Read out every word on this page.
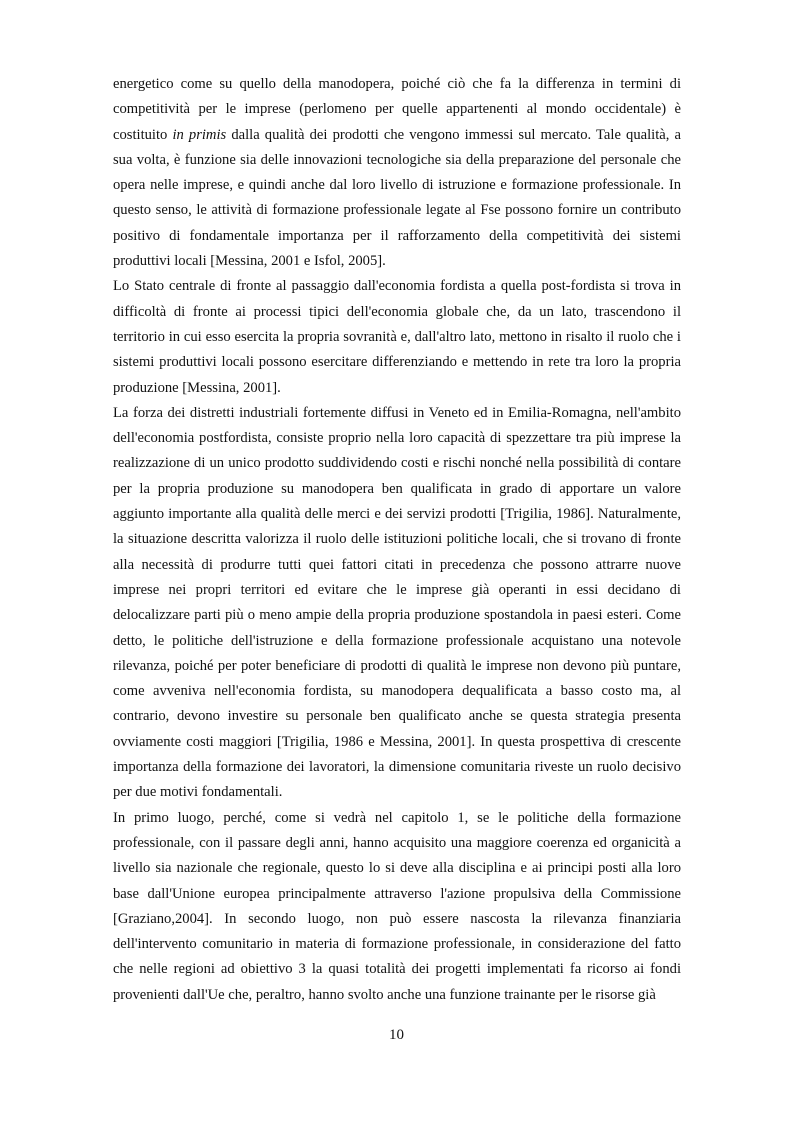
energetico come su quello della manodopera, poiché ciò che fa la differenza in termini di competitività per le imprese (perlomeno per quelle appartenenti al mondo occidentale) è costituito in primis dalla qualità dei prodotti che vengono immessi sul mercato. Tale qualità, a sua volta, è funzione sia delle innovazioni tecnologiche sia della preparazione del personale che opera nelle imprese, e quindi anche dal loro livello di istruzione e formazione professionale. In questo senso, le attività di formazione professionale legate al Fse possono fornire un contributo positivo di fondamentale importanza per il rafforzamento della competitività dei sistemi produttivi locali [Messina, 2001 e Isfol, 2005].

Lo Stato centrale di fronte al passaggio dall'economia fordista a quella post-fordista si trova in difficoltà di fronte ai processi tipici dell'economia globale che, da un lato, trascendono il territorio in cui esso esercita la propria sovranità e, dall'altro lato, mettono in risalto il ruolo che i sistemi produttivi locali possono esercitare differenziando e mettendo in rete tra loro la propria produzione [Messina, 2001].

La forza dei distretti industriali fortemente diffusi in Veneto ed in Emilia-Romagna, nell'ambito dell'economia postfordista, consiste proprio nella loro capacità di spezzettare tra più imprese la realizzazione di un unico prodotto suddividendo costi e rischi nonché nella possibilità di contare per la propria produzione su manodopera ben qualificata in grado di apportare un valore aggiunto importante alla qualità delle merci e dei servizi prodotti [Trigilia, 1986]. Naturalmente, la situazione descritta valorizza il ruolo delle istituzioni politiche locali, che si trovano di fronte alla necessità di produrre tutti quei fattori citati in precedenza che possono attrarre nuove imprese nei propri territori ed evitare che le imprese già operanti in essi decidano di delocalizzare parti più o meno ampie della propria produzione spostandola in paesi esteri. Come detto, le politiche dell'istruzione e della formazione professionale acquistano una notevole rilevanza, poiché per poter beneficiare di prodotti di qualità le imprese non devono più puntare, come avveniva nell'economia fordista, su manodopera dequalificata a basso costo ma, al contrario, devono investire su personale ben qualificato anche se questa strategia presenta ovviamente costi maggiori [Trigilia, 1986 e Messina, 2001]. In questa prospettiva di crescente importanza della formazione dei lavoratori, la dimensione comunitaria riveste un ruolo decisivo per due motivi fondamentali.

In primo luogo, perché, come si vedrà nel capitolo 1, se le politiche della formazione professionale, con il passare degli anni, hanno acquisito una maggiore coerenza ed organicità a livello sia nazionale che regionale, questo lo si deve alla disciplina e ai principi posti alla loro base dall'Unione europea principalmente attraverso l'azione propulsiva della Commissione [Graziano,2004]. In secondo luogo, non può essere nascosta la rilevanza finanziaria dell'intervento comunitario in materia di formazione professionale, in considerazione del fatto che nelle regioni ad obiettivo 3 la quasi totalità dei progetti implementati fa ricorso ai fondi provenienti dall'Ue che, peraltro, hanno svolto anche una funzione trainante per le risorse già

10
